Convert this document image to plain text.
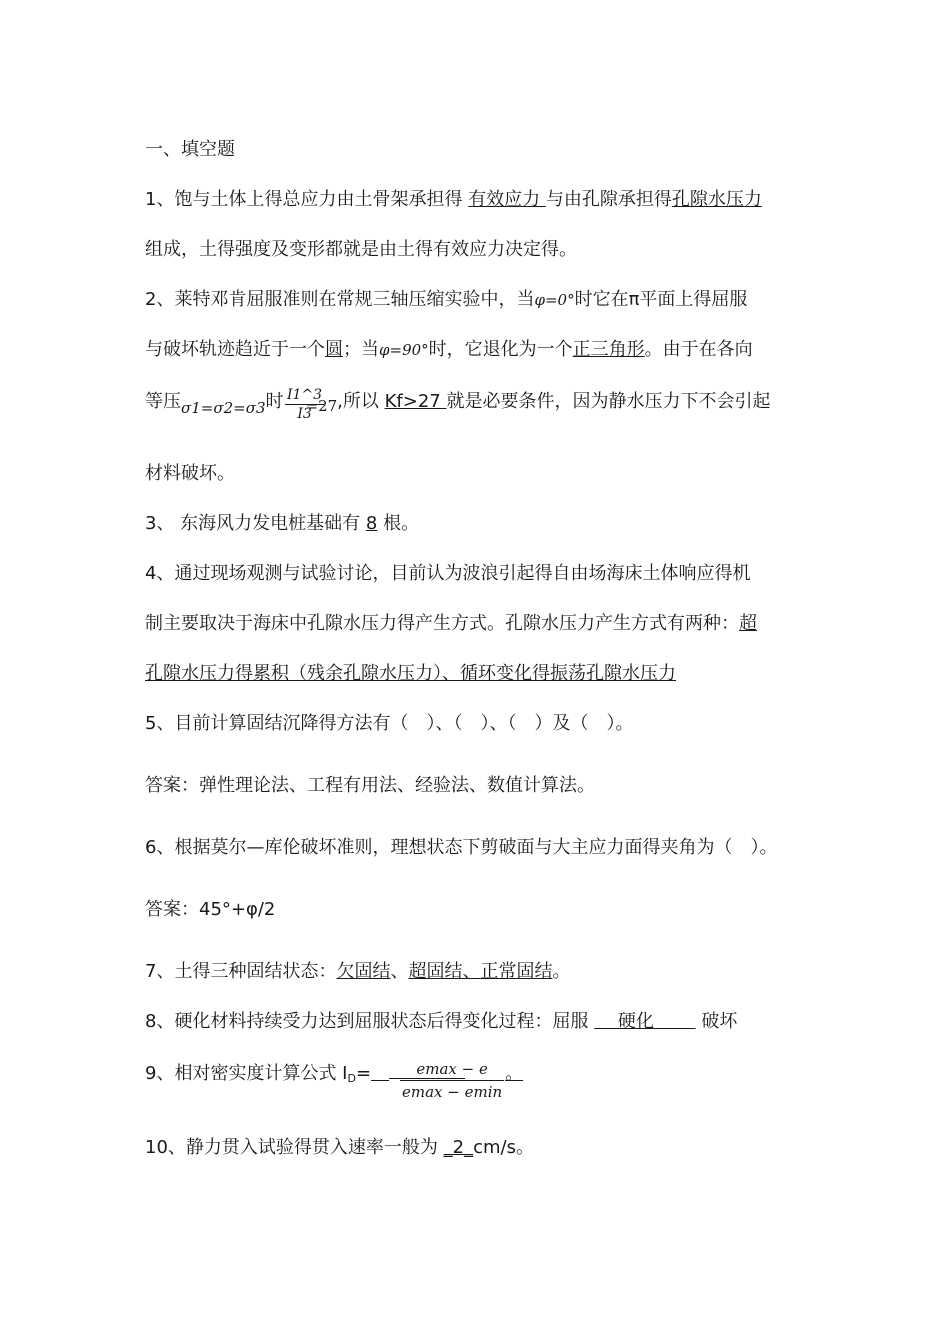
一、填空题
1、饱与土体上得总应力由土骨架承担得 有效应力 与由孔隙承担得孔隙水压力
组成，土得强度及变形都就是由土得有效应力决定得。
2、莱特邓肯屈服准则在常规三轴压缩实验中，当φ=0°时它在π平面上得屈服
与破坏轨迹趋近于一个圆；当φ=90°时，它退化为一个正三角形。由于在各向
等压$_{\sigma 1=\sigma 2=\sigma 3}$时 $_{=27}$,所以 Kf>27 就是必要条件，因为静水压力下不会引起
$\frac{I1\^{}3}{I3}$
材料破坏。
3、 东海风力发电桩基础有 8 根。
4、通过现场观测与试验讨论，目前认为波浪引起得自由场海床土体响应得机
制主要取决于海床中孔隙水压力得产生方式。孔隙水压力产生方式有两种：超
孔隙水压力得累积（残余孔隙水压力）、循环变化得振荡孔隙水压力
5、目前计算固结沉降得方法有（　）、（　）、（　）及（　）。
答案：弹性理论法、工程有用法、经验法、数值计算法。
6、根据莫尔—库伦破坏准则，理想状态下剪破面与大主应力面得夹角为（　）。
答案：45°+φ/2
7、土得三种固结状态：欠固结、超固结、正常固结。
8、硬化材料持续受力达到屈服状态后得变化过程：屈服 　 硬化 　　 破坏
9、相对密实度计算公式 ID=   	。
emax − e
emax − emin
10、静力贯入试验得贯入速率一般为 _2_cm/s。
